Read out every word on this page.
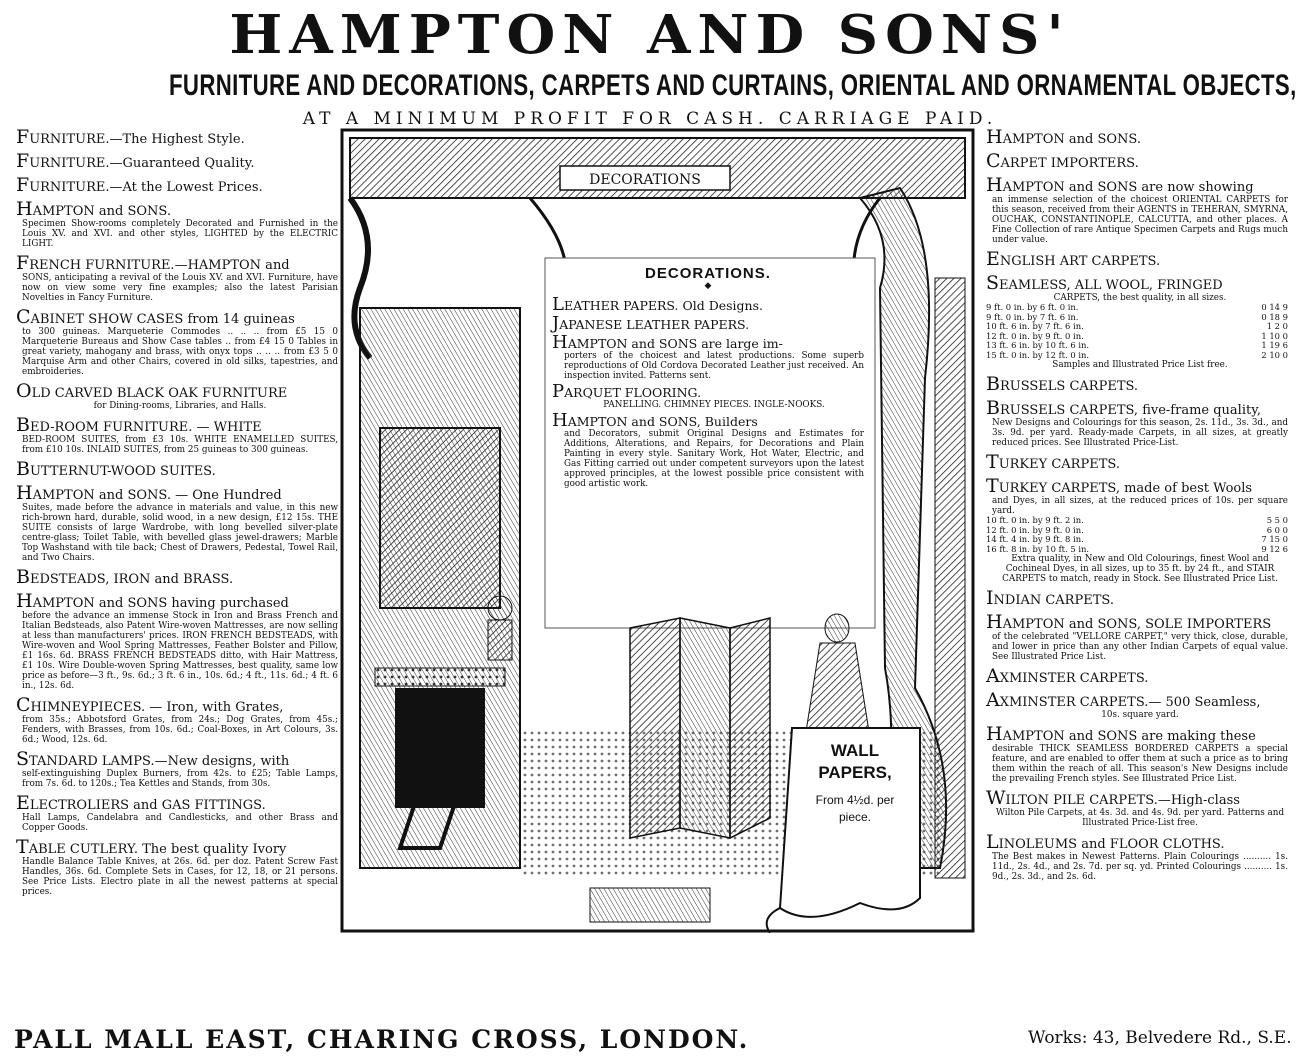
HAMPTON AND SONS'
FURNITURE AND DECORATIONS, CARPETS AND CURTAINS, ORIENTAL AND ORNAMENTAL OBJECTS,
AT A MINIMUM PROFIT FOR CASH. CARRIAGE PAID.
FURNITURE.—The Highest Style.
FURNITURE.—Guaranteed Quality.
FURNITURE.—At the Lowest Prices.
HAMPTON and SONS.
Specimen Show-rooms completely Decorated and Furnished in the Louis XV. and XVI. and other styles, LIGHTED by the ELECTRIC LIGHT.
FRENCH FURNITURE.—HAMPTON and
SONS, anticipating a revival of the Louis XV. and XVI. Furniture, have now on view some very fine examples; also the latest Parisian Novelties in Fancy Furniture.
CABINET SHOW CASES from 14 guineas
to 300 guineas. Marqueterie Commodes .. .. .. from £5 15 0 Marqueterie Bureaus and Show Case tables .. from £4 15 0 Tables in great variety, mahogany and brass, with onyx tops .. .. .. from £3 5 0 Marquise Arm and other Chairs, covered in old silks, tapestries, and embroideries.
OLD CARVED BLACK OAK FURNITURE
for Dining-rooms, Libraries, and Halls.
BED-ROOM FURNITURE. — WHITE
BED-ROOM SUITES, from £3 10s. WHITE ENAMELLED SUITES, from £10 10s. INLAID SUITES, from 25 guineas to 300 guineas.
BUTTERNUT-WOOD SUITES.
HAMPTON and SONS. — One Hundred
Suites, made before the advance in materials and value, in this new rich-brown hard, durable, solid wood, in a new design, £12 15s. THE SUITE consists of large Wardrobe, with long bevelled silver-plate centre-glass; Toilet Table, with bevelled glass jewel-drawers; Marble Top Washstand with tile back; Chest of Drawers, Pedestal, Towel Rail, and Two Chairs.
BEDSTEADS, IRON and BRASS.
HAMPTON and SONS having purchased
before the advance an immense Stock in Iron and Brass French and Italian Bedsteads, also Patent Wire-woven Mattresses, are now selling at less than manufacturers' prices. IRON FRENCH BEDSTEADS, with Wire-woven and Wool Spring Mattresses, Feather Bolster and Pillow, £1 16s. 6d. BRASS FRENCH BEDSTEADS ditto, with Hair Mattress, £1 10s. Wire Double-woven Spring Mattresses, best quality, same low price as before—3 ft., 9s. 6d.; 3 ft. 6 in., 10s. 6d.; 4 ft., 11s. 6d.; 4 ft. 6 in., 12s. 6d.
CHIMNEYPIECES. — Iron, with Grates,
from 35s.; Abbotsford Grates, from 24s.; Dog Grates, from 45s.; Fenders, with Brasses, from 10s. 6d.; Coal-Boxes, in Art Colours, 3s. 6d.; Wood, 12s. 6d.
STANDARD LAMPS.—New designs, with
self-extinguishing Duplex Burners, from 42s. to £25; Table Lamps, from 7s. 6d. to 120s.; Tea Kettles and Stands, from 30s.
ELECTROLIERS and GAS FITTINGS.
Hall Lamps, Candelabra and Candlesticks, and other Brass and Copper Goods.
TABLE CUTLERY. The best quality Ivory
Handle Balance Table Knives, at 26s. 6d. per doz. Patent Screw Fast Handles, 36s. 6d. Complete Sets in Cases, for 12, 18, or 21 persons. See Price Lists. Electro plate in all the newest patterns at special prices.
DECORATIONS
DECORATIONS.
◆
LEATHER PAPERS. Old Designs.
JAPANESE LEATHER PAPERS.
HAMPTON and SONS are large im-
porters of the choicest and latest productions. Some superb reproductions of Old Cordova Decorated Leather just received. An inspection invited. Patterns sent.
PARQUET FLOORING.
PANELLING. CHIMNEY PIECES. INGLE-NOOKS.
HAMPTON and SONS, Builders
and Decorators, submit Original Designs and Estimates for Additions, Alterations, and Repairs, for Decorations and Plain Painting in every style. Sanitary Work, Hot Water, Electric, and Gas Fitting carried out under competent surveyors upon the latest approved principles, at the lowest possible price consistent with good artistic work.
WALL PAPERS,
From 4½d. per piece.
HAMPTON and SONS.
CARPET IMPORTERS.
HAMPTON and SONS are now showing
an immense selection of the choicest ORIENTAL CARPETS for this season, received from their AGENTS in TEHERAN, SMYRNA, OUCHAK, CONSTANTINOPLE, CALCUTTA, and other places. A Fine Collection of rare Antique Specimen Carpets and Rugs much under value.
ENGLISH ART CARPETS.
SEAMLESS, ALL WOOL, FRINGED
CARPETS, the best quality, in all sizes.
9 ft. 0 in. by 6 ft. 0 in.	0 14 9
9 ft. 0 in. by 7 ft. 6 in.	0 18 9
10 ft. 6 in. by 7 ft. 6 in.	1 2 0
12 ft. 0 in. by 9 ft. 0 in.	1 10 0
13 ft. 6 in. by 10 ft. 6 in.	1 19 6
15 ft. 0 in. by 12 ft. 0 in.	2 10 0
Samples and Illustrated Price List free.
BRUSSELS CARPETS.
BRUSSELS CARPETS, five-frame quality,
New Designs and Colourings for this season, 2s. 11d., 3s. 3d., and 3s. 9d. per yard. Ready-made Carpets, in all sizes, at greatly reduced prices. See Illustrated Price-List.
TURKEY CARPETS.
TURKEY CARPETS, made of best Wools
and Dyes, in all sizes, at the reduced prices of 10s. per square yard.
10 ft. 0 in. by 9 ft. 2 in.	5 5 0
12 ft. 0 in. by 9 ft. 0 in.	6 0 0
14 ft. 4 in. by 9 ft. 8 in.	7 15 0
16 ft. 8 in. by 10 ft. 5 in.	9 12 6
Extra quality, in New and Old Colourings, finest Wool and Cochineal Dyes, in all sizes, up to 35 ft. by 24 ft., and STAIR CARPETS to match, ready in Stock. See Illustrated Price List.
INDIAN CARPETS.
HAMPTON and SONS, SOLE IMPORTERS
of the celebrated "VELLORE CARPET," very thick, close, durable, and lower in price than any other Indian Carpets of equal value. See Illustrated Price List.
AXMINSTER CARPETS.
AXMINSTER CARPETS.— 500 Seamless,
10s. square yard.
HAMPTON and SONS are making these
desirable THICK SEAMLESS BORDERED CARPETS a special feature, and are enabled to offer them at such a price as to bring them within the reach of all. This season's New Designs include the prevailing French styles. See Illustrated Price List.
WILTON PILE CARPETS.—High-class
Wilton Pile Carpets, at 4s. 3d. and 4s. 9d. per yard. Patterns and Illustrated Price-List free.
LINOLEUMS and FLOOR CLOTHS.
The Best makes in Newest Patterns. Plain Colourings .......... 1s. 11d., 2s. 4d., and 2s. 7d. per sq. yd. Printed Colourings .......... 1s. 9d., 2s. 3d., and 2s. 6d.
PALL MALL EAST, CHARING CROSS, LONDON.	Works: 43, Belvedere Rd., S.E.
